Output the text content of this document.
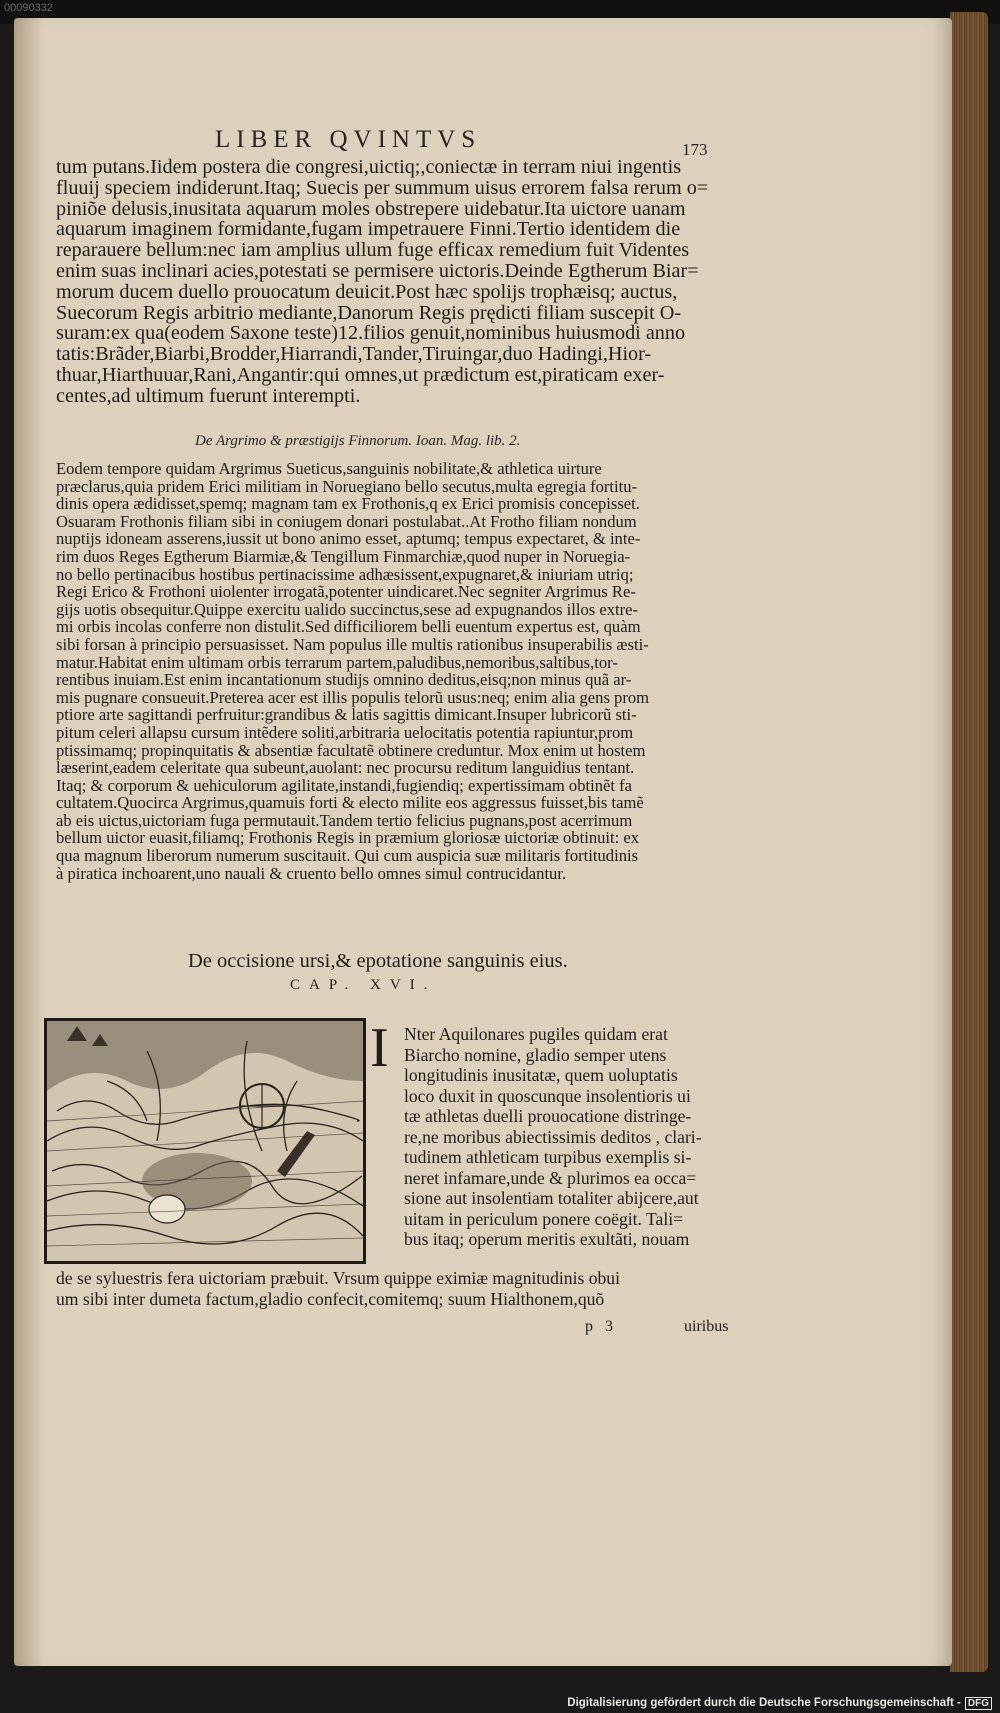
00090332
LIBER QVINTVS	173
tum putans.Iidem postera die congresi,uictiq;,coniectæ in terram niui ingentis
fluuij speciem indiderunt.Itaq; Suecis per summum uisus errorem falsa rerum o=
piniõe delusis,inusitata aquarum moles obstrepere uidebatur.Ita uictore uanam
aquarum imaginem formidante,fugam impetrauere Finni.Tertio identidem die
reparauere bellum:nec iam amplius ullum fuge efficax remedium fuit Videntes
enim suas inclinari acies,potestati se permisere uictoris.Deinde Egtherum Biar=
morum ducem duello prouocatum deuicit.Post hæc spolijs trophæisq; auctus,
Suecorum Regis arbitrio mediante,Danorum Regis prędicti filiam suscepit O-
suram:ex qua(eodem Saxone teste)12.filios genuit,nominibus huiusmodi anno
tatis:Brãder,Biarbi,Brodder,Hiarrandi,Tander,Tiruingar,duo Hadingi,Hior-
thuar,Hiarthuuar,Rani,Angantir:qui omnes,ut prædictum est,piraticam exer-
centes,ad ultimum fuerunt interempti.
De Argrimo & præstigijs Finnorum. Ioan. Mag. lib. 2.
Eodem tempore quidam Argrimus Sueticus,sanguinis nobilitate,& athletica uirture
præclarus,quia pridem Erici militiam in Noruegiano bello secutus,multa egregia fortitu-
dinis opera ædidisset,spemq; magnam tam ex Frothonis,q ex Erici promisis concepisset.
Osuaram Frothonis filiam sibi in coniugem donari postulabat..At Frotho filiam nondum
nuptijs idoneam asserens,iussit ut bono animo esset, aptumq; tempus expectaret, & inte-
rim duos Reges Egtherum Biarmiæ,& Tengillum Finmarchiæ,quod nuper in Noruegia-
no bello pertinacibus hostibus pertinacissime adhæsissent,expugnaret,& iniuriam utriq;
Regi Erico & Frothoni uiolenter irrogatã,potenter uindicaret.Nec segniter Argrimus Re-
gijs uotis obsequitur.Quippe exercitu ualido succinctus,sese ad expugnandos illos extre-
mi orbis incolas conferre non distulit.Sed difficiliorem belli euentum expertus est, quàm
sibi forsan à principio persuasisset. Nam populus ille multis rationibus insuperabilis æsti-
matur.Habitat enim ultimam orbis terrarum partem,paludibus,nemoribus,saltibus,tor-
rentibus inuiam.Est enim incantationum studijs omnino deditus,eisq;non minus quã ar-
mis pugnare consueuit.Preterea acer est illis populis telorũ usus:neq; enim alia gens prom
ptiore arte sagittandi perfruitur:grandibus & latis sagittis dimicant.Insuper lubricorũ sti-
pitum celeri allapsu cursum intẽdere soliti,arbitraria uelocitatis potentia rapiuntur,prom
ptissimamq; propinquitatis & absentiæ facultatẽ obtinere creduntur. Mox enim ut hostem
læserint,eadem celeritate qua subeunt,auolant: nec procursu reditum languidius tentant.
Itaq; & corporum & uehiculorum agilitate,instandi,fugiendiq; expertissimam obtinẽt fa
cultatem.Quocirca Argrimus,quamuis forti & electo milite eos aggressus fuisset,bis tamẽ
ab eis uictus,uictoriam fuga permutauit.Tandem tertio felicius pugnans,post acerrimum
bellum uictor euasit,filiamq; Frothonis Regis in præmium gloriosæ uictoriæ obtinuit: ex
qua magnum liberorum numerum suscitauit. Qui cum auspicia suæ militaris fortitudinis
à piratica inchoarent,uno nauali & cruento bello omnes simul contrucidantur.
De occisione ursi,& epotatione sanguinis eius.
CAP. XVI.
I Nter Aquilonares pugiles quidam erat
Biarcho nomine, gladio semper utens
longitudinis inusitatæ, quem uoluptatis
loco duxit in quoscunque insolentioris ui
tæ athletas duelli prouocatione distringe-
re,ne moribus abiectissimis deditos , clari-
tudinem athleticam turpibus exemplis si-
neret infamare,unde & plurimos ea occa=
sione aut insolentiam totaliter abijcere,aut
uitam in periculum ponere coëgit. Tali=
bus itaq; operum meritis exultãti, nouam
de se syluestris fera uictoriam præbuit. Vrsum quippe eximiæ magnitudinis obui
um sibi inter dumeta factum,gladio confecit,comitemq; suum Hialthonem,quõ
p 3	uiribus
Digitalisierung gefördert durch die Deutsche Forschungsgemeinschaft - DFG
